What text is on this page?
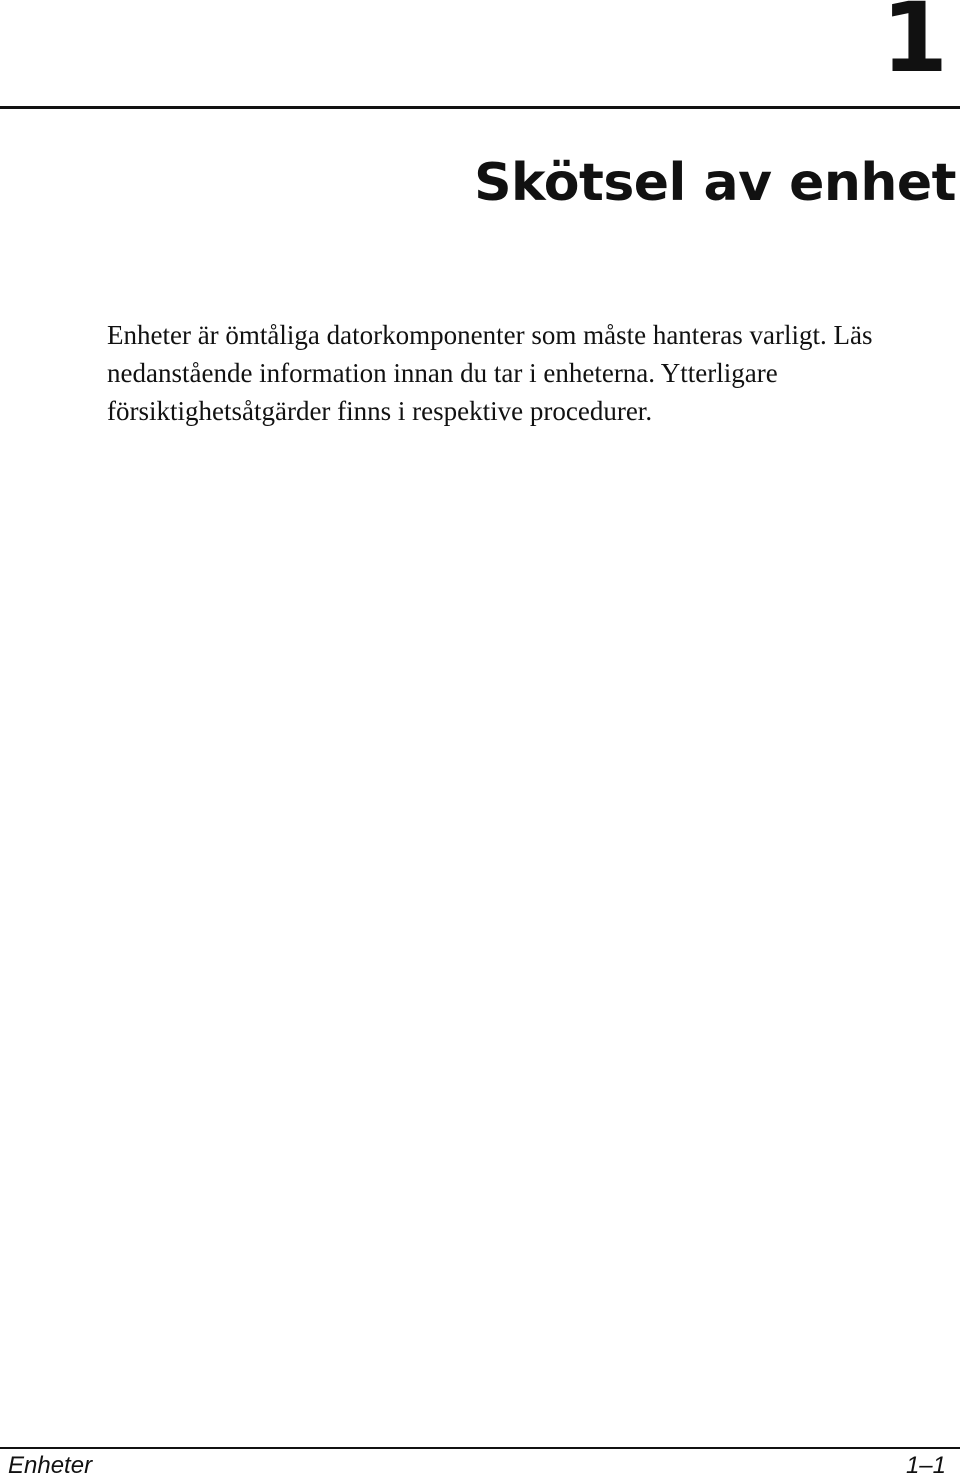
1
Skötsel av enhet

Enheter är ömtåliga datorkomponenter som måste hanteras varligt. Läs nedanstående information innan du tar i enheterna. Ytterligare försiktighetsåtgärder finns i respektive procedurer.

Enheter	1–1
